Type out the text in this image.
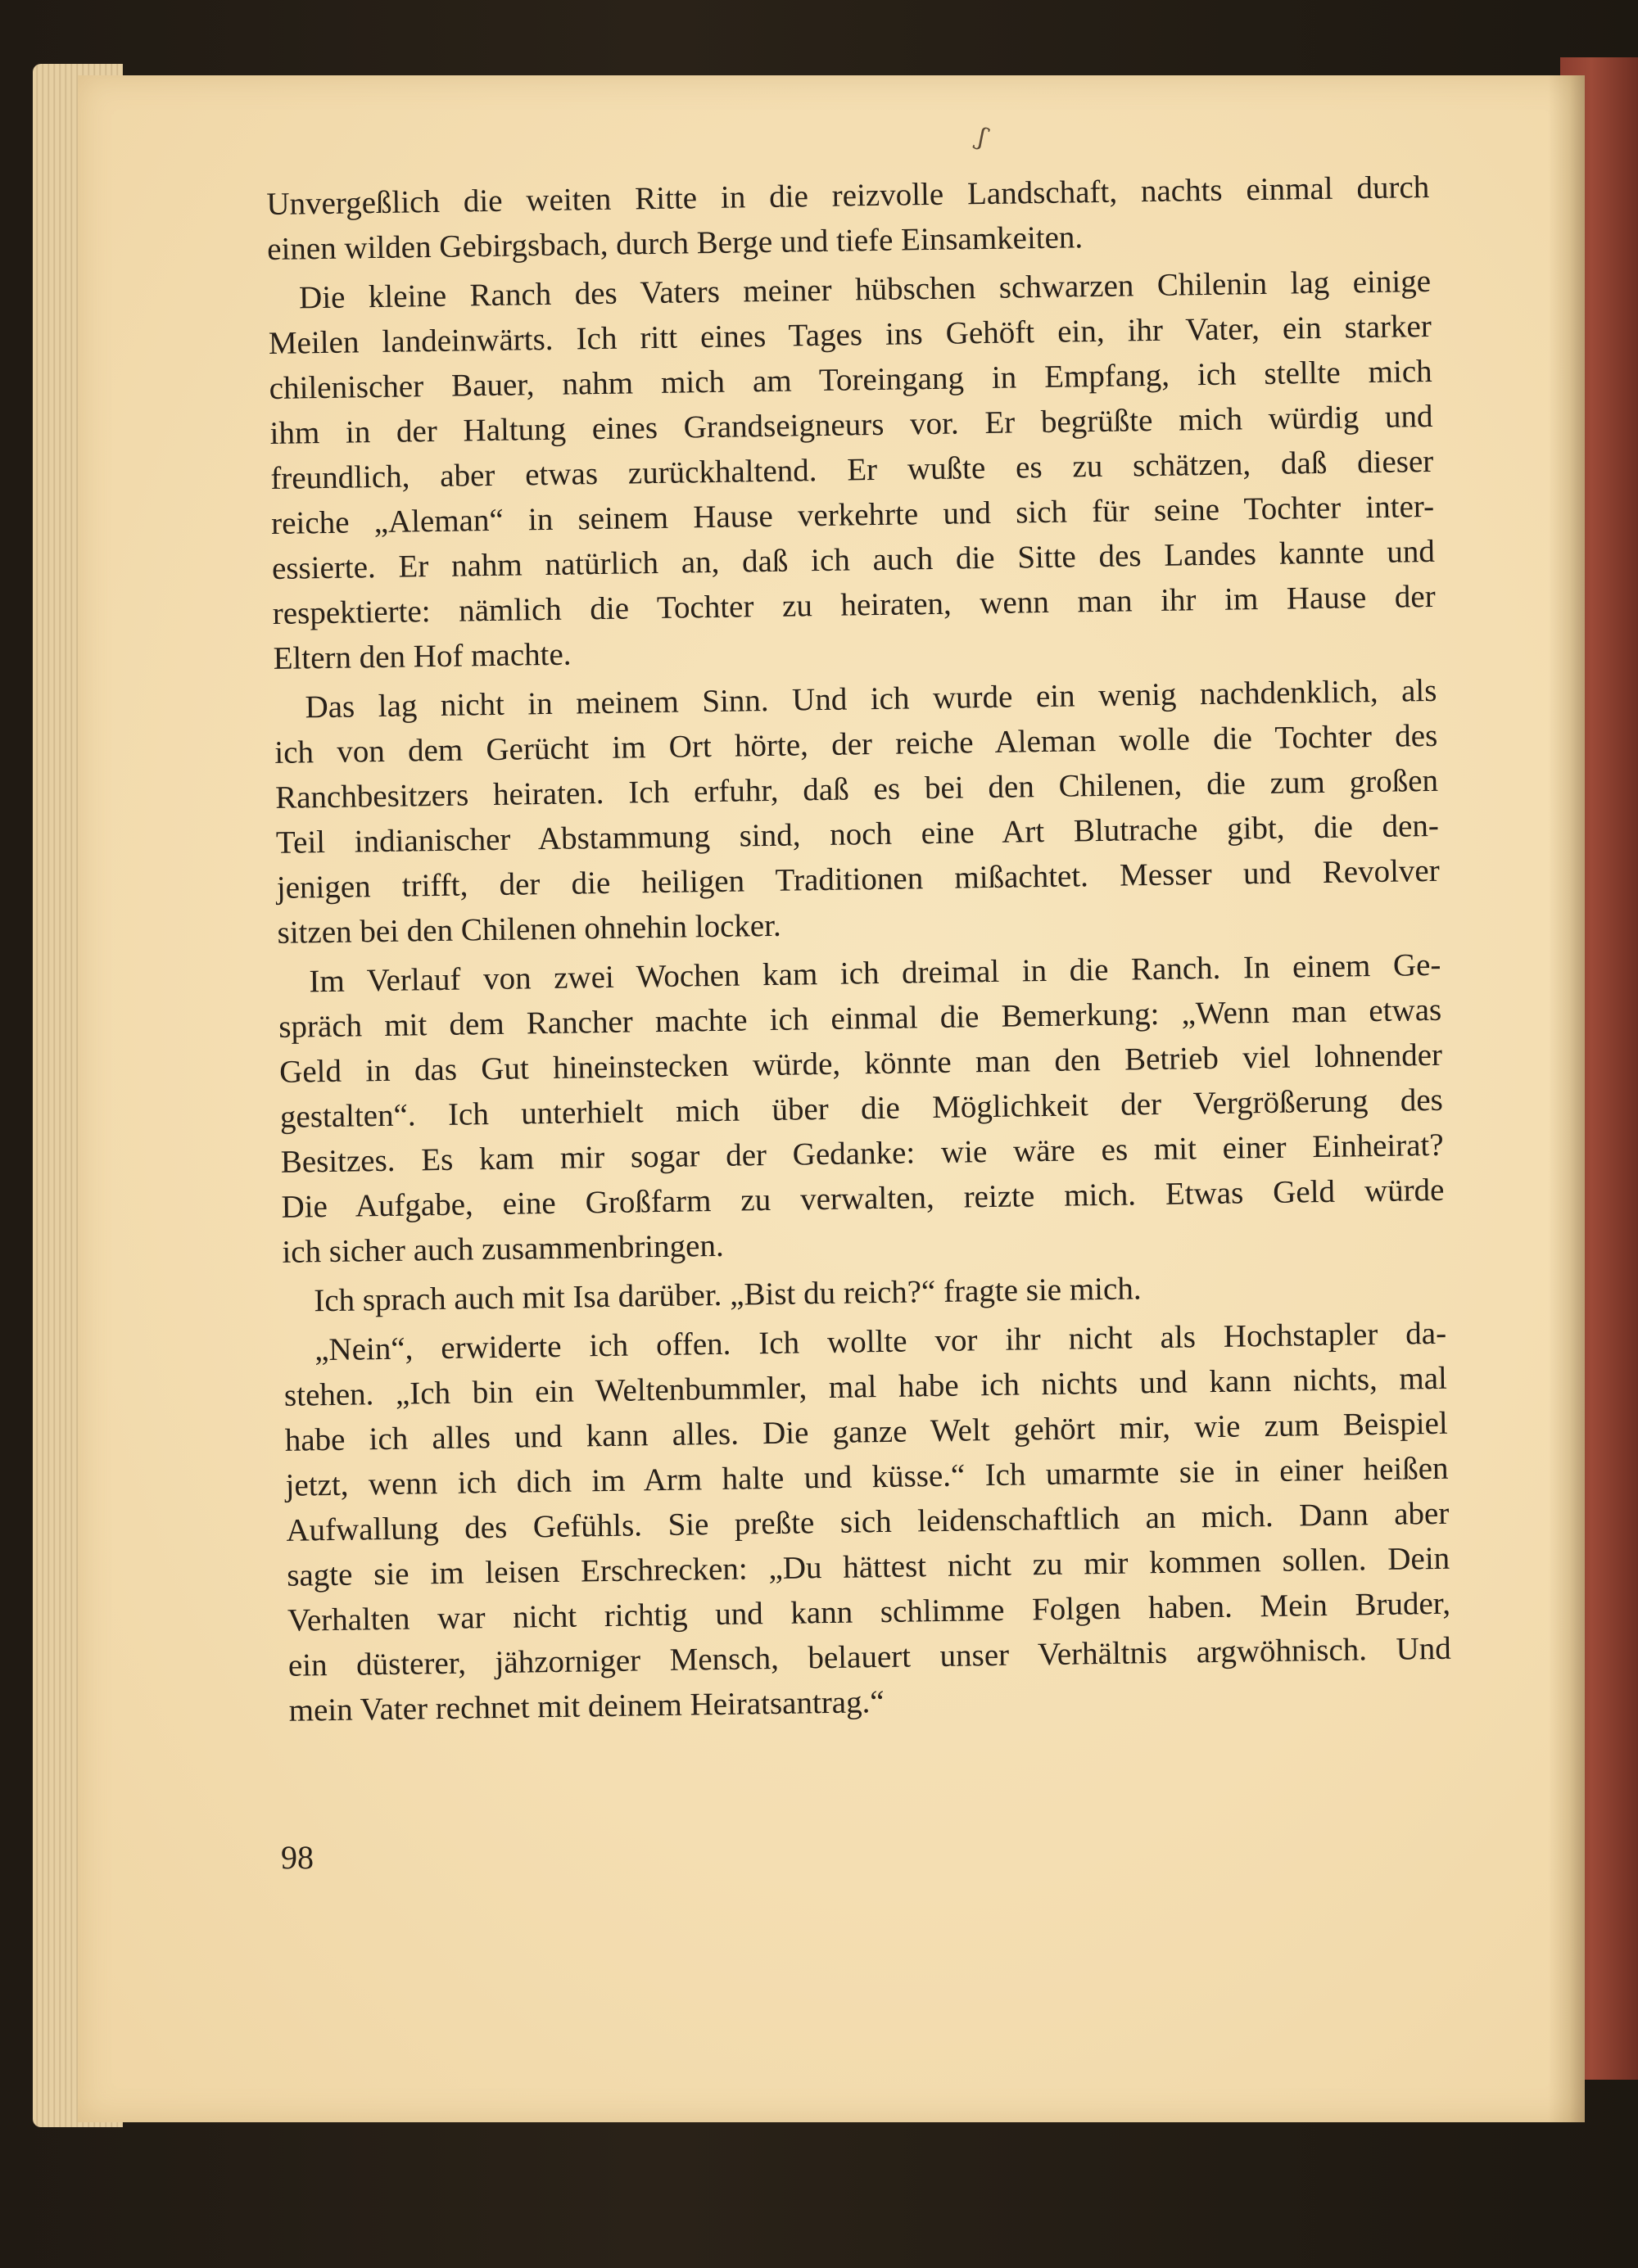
ʃ

Unvergeßlich die weiten Ritte in die reizvolle Landschaft, nachts einmal durch
einen wilden Gebirgsbach, durch Berge und tiefe Einsamkeiten.

Die kleine Ranch des Vaters meiner hübschen schwarzen Chilenin lag einige
Meilen landeinwärts. Ich ritt eines Tages ins Gehöft ein, ihr Vater, ein starker
chilenischer Bauer, nahm mich am Toreingang in Empfang, ich stellte mich
ihm in der Haltung eines Grandseigneurs vor. Er begrüßte mich würdig und
freundlich, aber etwas zurückhaltend. Er wußte es zu schätzen, daß dieser
reiche „Aleman“ in seinem Hause verkehrte und sich für seine Tochter inter-
essierte. Er nahm natürlich an, daß ich auch die Sitte des Landes kannte und
respektierte: nämlich die Tochter zu heiraten, wenn man ihr im Hause der
Eltern den Hof machte.

Das lag nicht in meinem Sinn. Und ich wurde ein wenig nachdenklich, als
ich von dem Gerücht im Ort hörte, der reiche Aleman wolle die Tochter des
Ranchbesitzers heiraten. Ich erfuhr, daß es bei den Chilenen, die zum großen
Teil indianischer Abstammung sind, noch eine Art Blutrache gibt, die den-
jenigen trifft, der die heiligen Traditionen mißachtet. Messer und Revolver
sitzen bei den Chilenen ohnehin locker.

Im Verlauf von zwei Wochen kam ich dreimal in die Ranch. In einem Ge-
spräch mit dem Rancher machte ich einmal die Bemerkung: „Wenn man etwas
Geld in das Gut hineinstecken würde, könnte man den Betrieb viel lohnender
gestalten“. Ich unterhielt mich über die Möglichkeit der Vergrößerung des
Besitzes. Es kam mir sogar der Gedanke: wie wäre es mit einer Einheirat?
Die Aufgabe, eine Großfarm zu verwalten, reizte mich. Etwas Geld würde
ich sicher auch zusammenbringen.

Ich sprach auch mit Isa darüber. „Bist du reich?“ fragte sie mich.

„Nein“, erwiderte ich offen. Ich wollte vor ihr nicht als Hochstapler da-
stehen. „Ich bin ein Weltenbummler, mal habe ich nichts und kann nichts, mal
habe ich alles und kann alles. Die ganze Welt gehört mir, wie zum Beispiel
jetzt, wenn ich dich im Arm halte und küsse.“ Ich umarmte sie in einer heißen
Aufwallung des Gefühls. Sie preßte sich leidenschaftlich an mich. Dann aber
sagte sie im leisen Erschrecken: „Du hättest nicht zu mir kommen sollen. Dein
Verhalten war nicht richtig und kann schlimme Folgen haben. Mein Bruder,
ein düsterer, jähzorniger Mensch, belauert unser Verhältnis argwöhnisch. Und
mein Vater rechnet mit deinem Heiratsantrag.“

98
